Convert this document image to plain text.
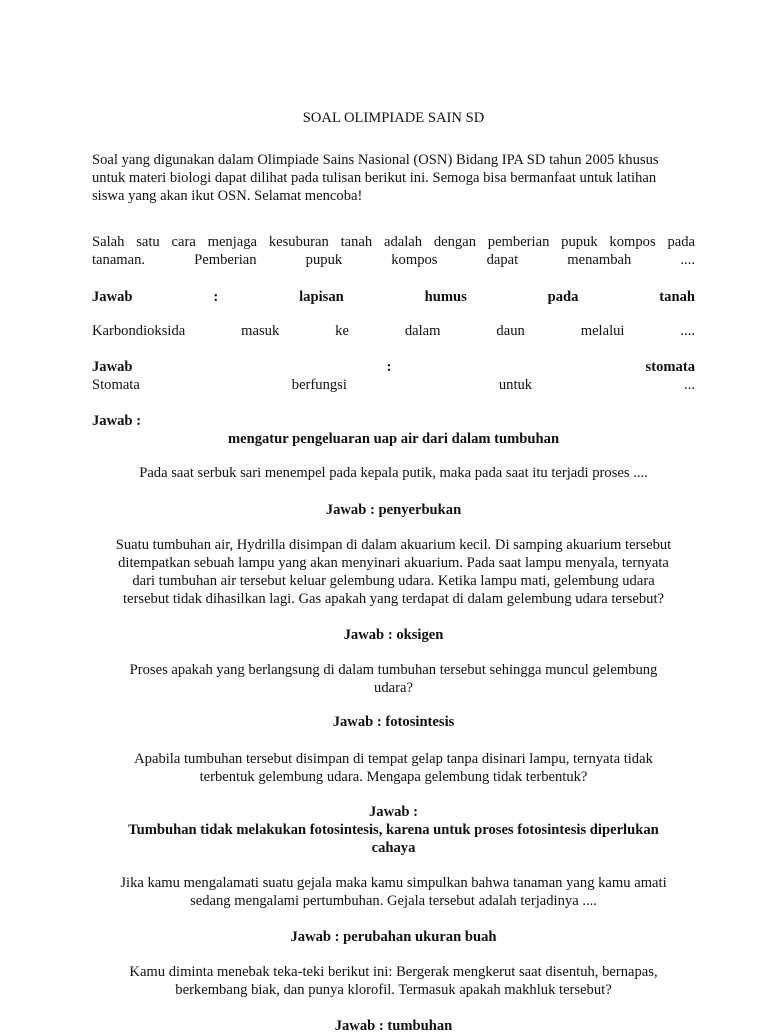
SOAL OLIMPIADE SAIN SD
Soal yang digunakan dalam Olimpiade Sains Nasional (OSN) Bidang IPA SD tahun 2005 khusus
untuk materi biologi dapat dilihat pada tulisan berikut ini. Semoga bisa bermanfaat untuk latihan
siswa yang akan ikut OSN. Selamat mencoba!
Salah satu cara menjaga kesuburan tanah adalah dengan pemberian pupuk kompos pada
tanaman. Pemberian pupuk kompos dapat menambah ....
Jawab : lapisan humus pada tanah
Karbondioksida masuk ke dalam daun melalui ....
Jawab : stomata
Stomata berfungsi untuk ...
Jawab :
mengatur pengeluaran uap air dari dalam tumbuhan
Pada saat serbuk sari menempel pada kepala putik, maka pada saat itu terjadi proses ....
Jawab : penyerbukan
Suatu tumbuhan air, Hydrilla disimpan di dalam akuarium kecil. Di samping akuarium tersebut
ditempatkan sebuah lampu yang akan menyinari akuarium. Pada saat lampu menyala, ternyata
dari tumbuhan air tersebut keluar gelembung udara. Ketika lampu mati, gelembung udara
tersebut tidak dihasilkan lagi. Gas apakah yang terdapat di dalam gelembung udara tersebut?
Jawab : oksigen
Proses apakah yang berlangsung di dalam tumbuhan tersebut sehingga muncul gelembung
udara?
Jawab : fotosintesis
Apabila tumbuhan tersebut disimpan di tempat gelap tanpa disinari lampu, ternyata tidak
terbentuk gelembung udara. Mengapa gelembung tidak terbentuk?
Jawab :
Tumbuhan tidak melakukan fotosintesis, karena untuk proses fotosintesis diperlukan
cahaya
Jika kamu mengalamati suatu gejala maka kamu simpulkan bahwa tanaman yang kamu amati
sedang mengalami pertumbuhan. Gejala tersebut adalah terjadinya ....
Jawab : perubahan ukuran buah
Kamu diminta menebak teka-teki berikut ini: Bergerak mengkerut saat disentuh, bernapas,
berkembang biak, dan punya klorofil. Termasuk apakah makhluk tersebut?
Jawab : tumbuhan
